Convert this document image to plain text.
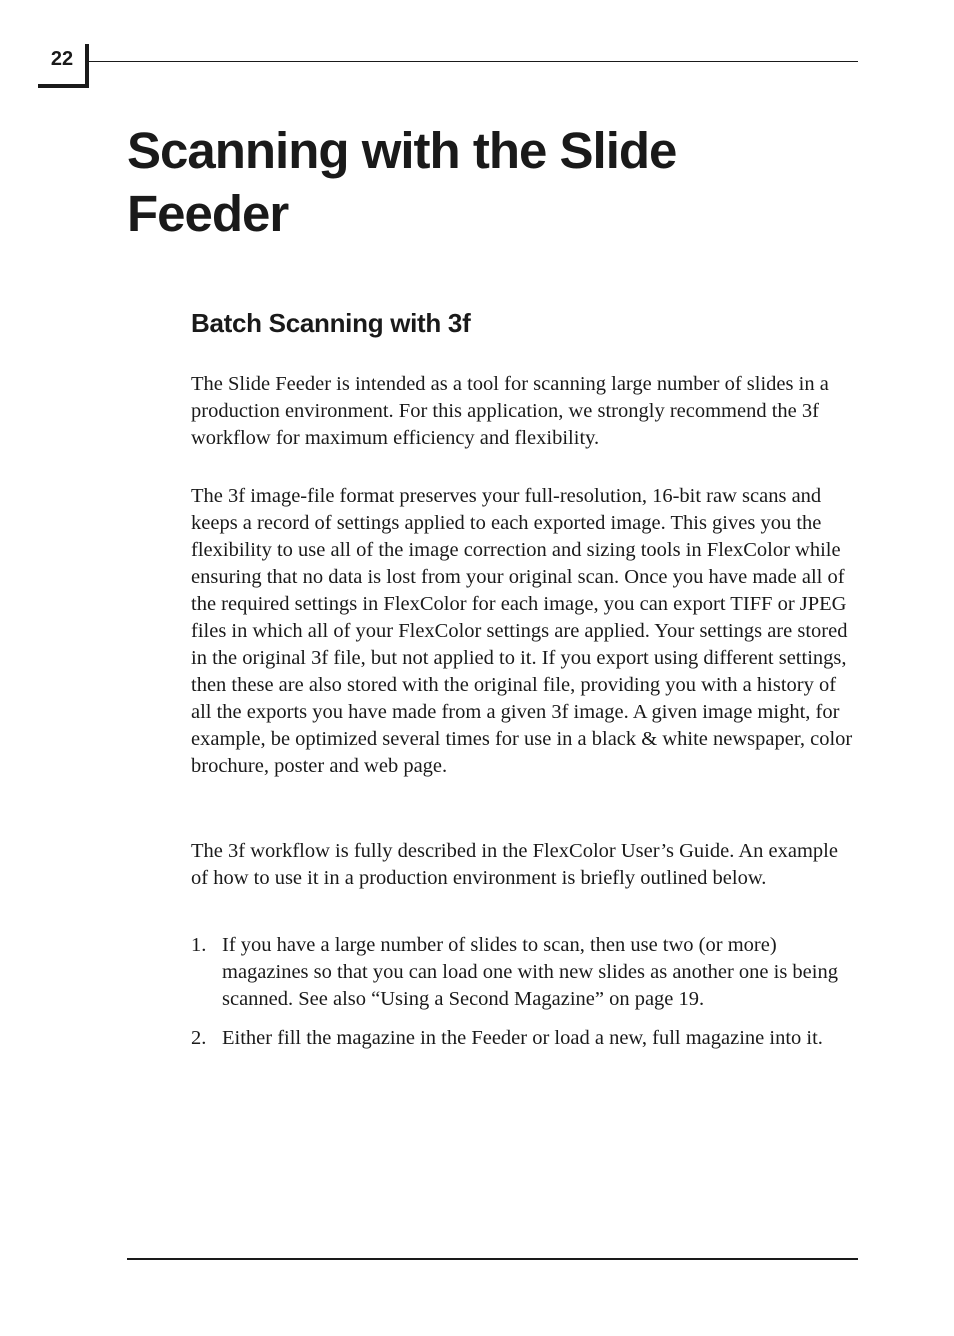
22
Scanning with the Slide Feeder
Batch Scanning with 3f

The Slide Feeder is intended as a tool for scanning large number of slides in a production environment. For this application, we strongly recommend the 3f workflow for maximum efficiency and flexibility.

The 3f image-file format preserves your full-resolution, 16-bit raw scans and keeps a record of settings applied to each exported image. This gives you the flexibility to use all of the image correction and sizing tools in FlexColor while ensuring that no data is lost from your original scan. Once you have made all of the required settings in FlexColor for each image, you can export TIFF or JPEG files in which all of your FlexColor settings are applied. Your settings are stored in the original 3f file, but not applied to it. If you export using different settings, then these are also stored with the original file, providing you with a history of all the exports you have made from a given 3f image. A given image might, for example, be optimized several times for use in a black & white newspaper, color brochure, poster and web page.

The 3f workflow is fully described in the FlexColor User’s Guide. An example of how to use it in a production environment is briefly outlined below.

1. If you have a large number of slides to scan, then use two (or more) magazines so that you can load one with new slides as another one is being scanned. See also “Using a Second Magazine” on page 19.
2. Either fill the magazine in the Feeder or load a new, full magazine into it.
